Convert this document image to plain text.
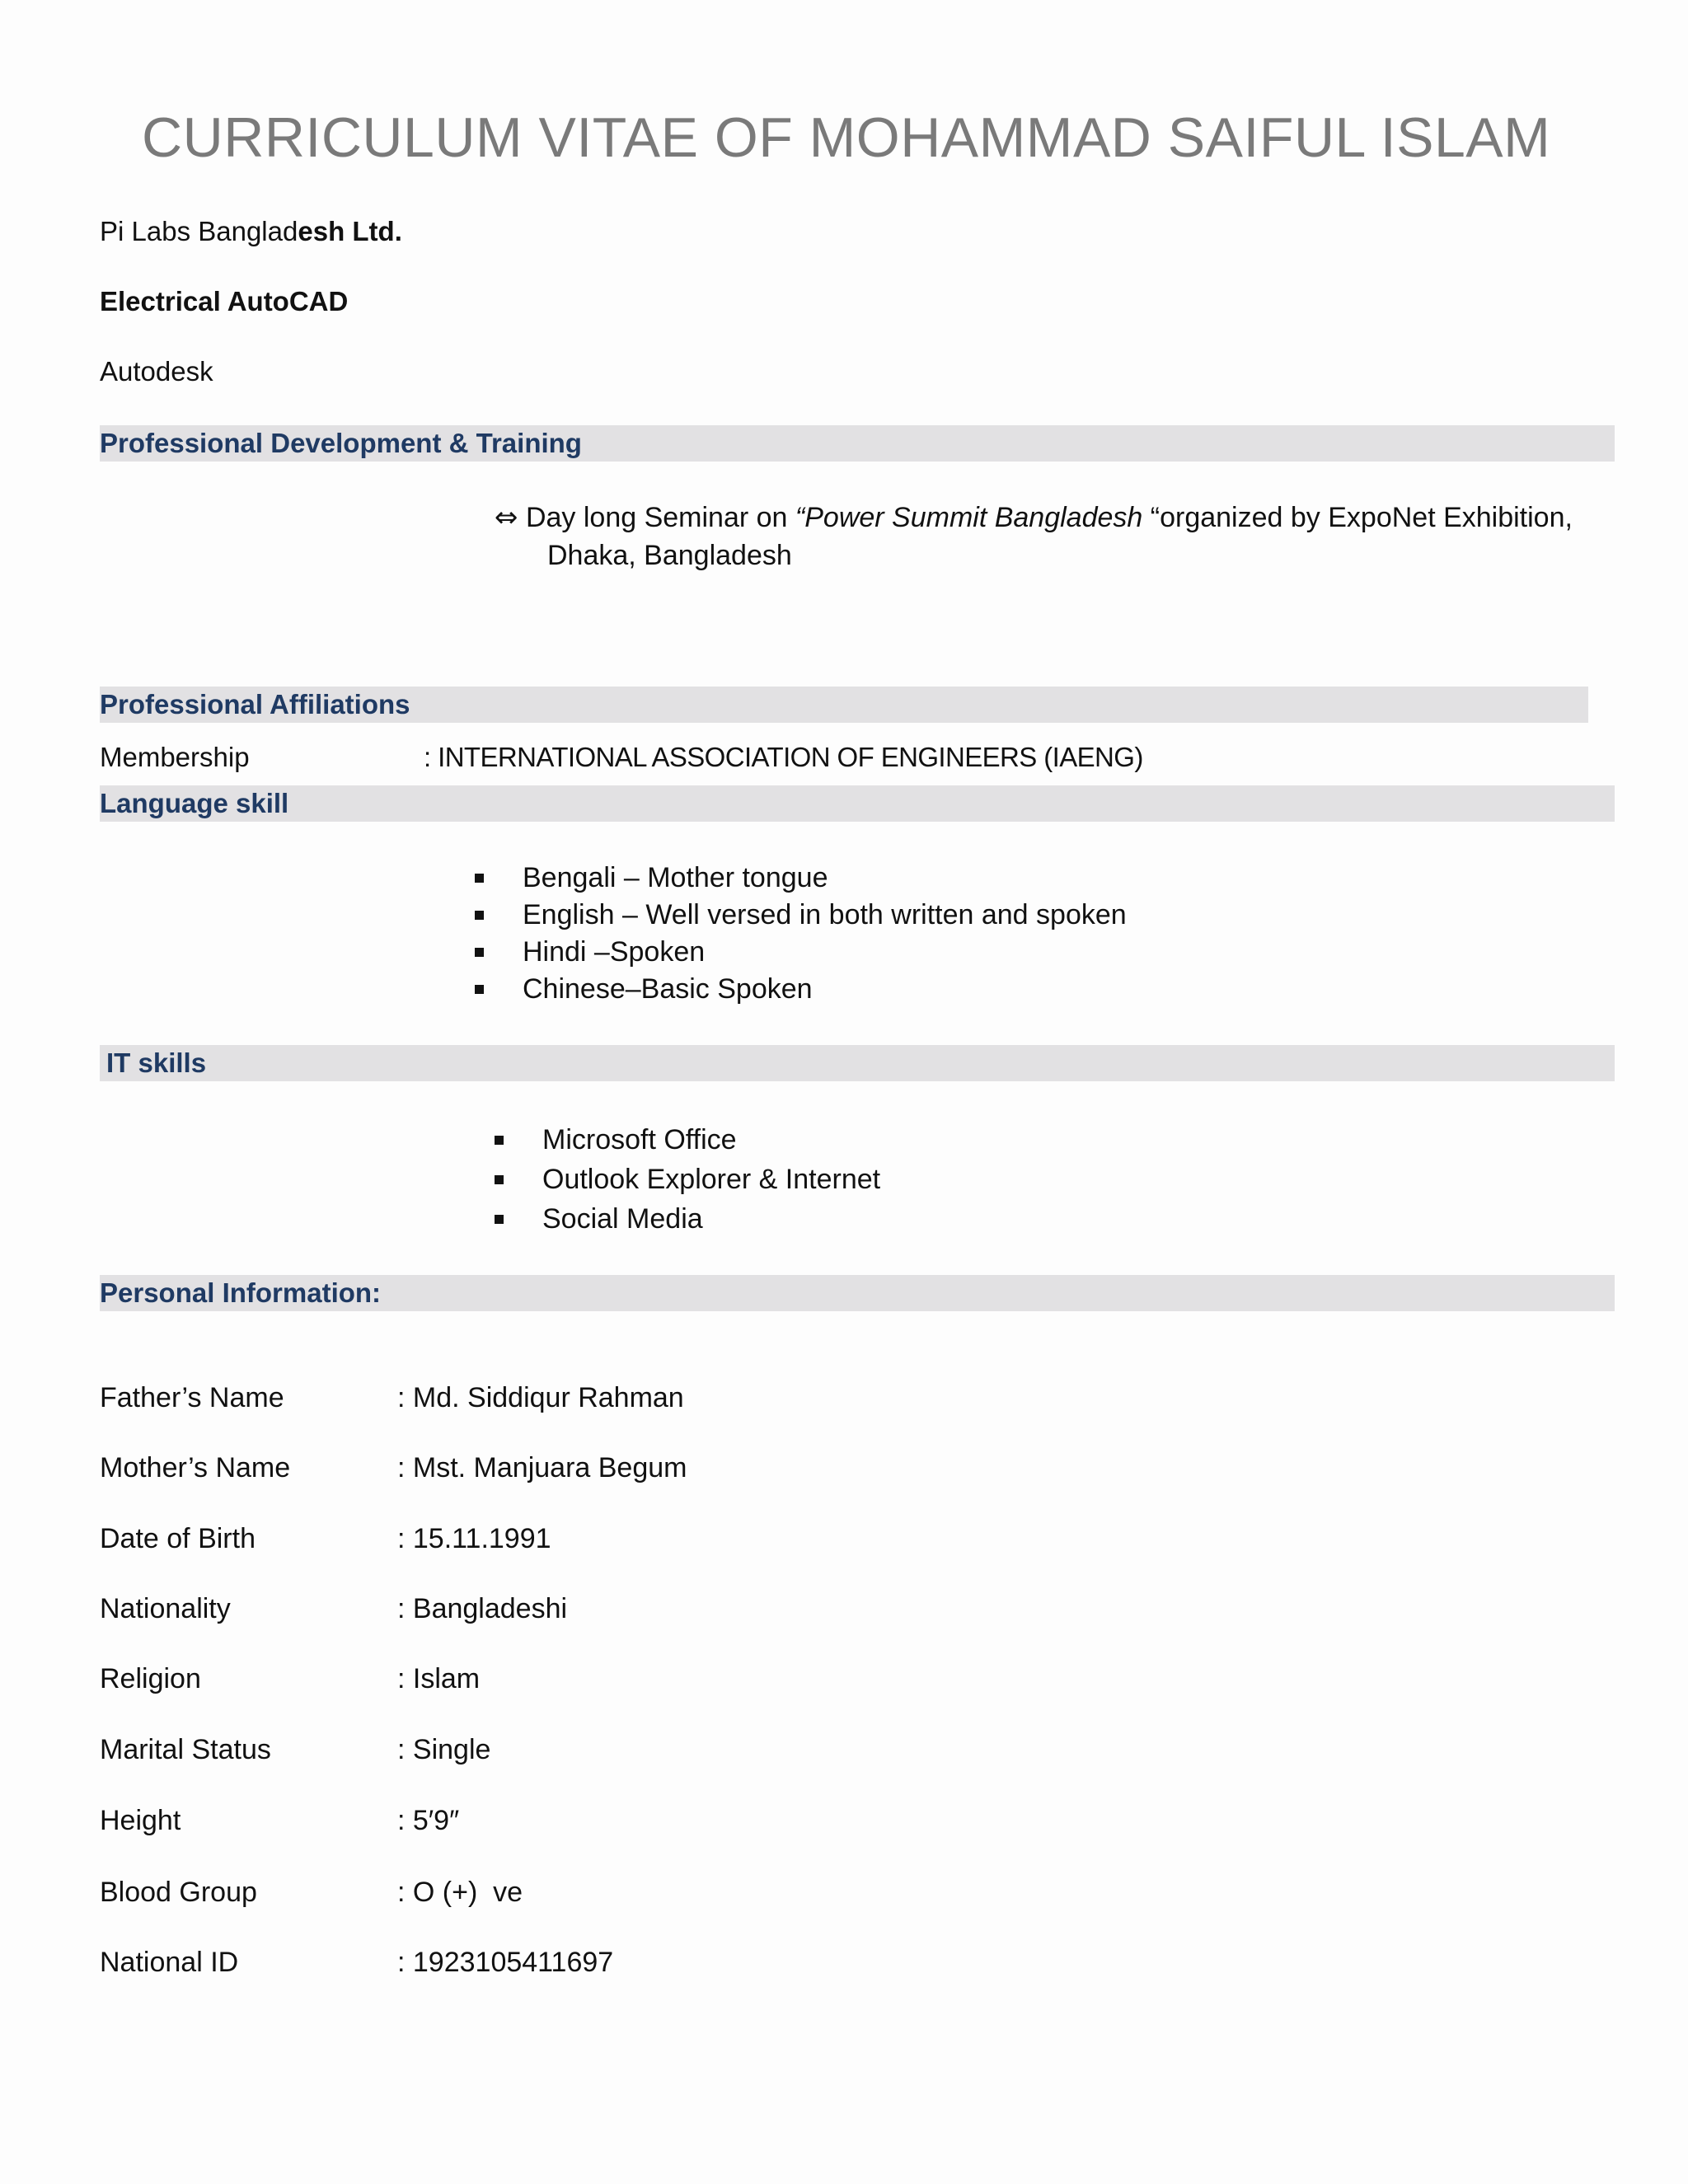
CURRICULUM VITAE OF MOHAMMAD SAIFUL ISLAM
Pi Labs Bangladesh Ltd.
Electrical AutoCAD
Autodesk
Professional Development & Training
⇔ Day long Seminar on “Power Summit Bangladesh “organized by ExpoNet Exhibition,
Dhaka, Bangladesh
Professional Affiliations
Membership	: INTERNATIONAL ASSOCIATION OF ENGINEERS (IAENG)
Language skill
Bengali – Mother tongue
English – Well versed in both written and spoken
Hindi –Spoken
Chinese–Basic Spoken
IT skills
Microsoft Office
Outlook Explorer & Internet
Social Media
Personal Information:
Father’s Name	: Md. Siddiqur Rahman
Mother’s Name	: Mst. Manjuara Begum
Date of Birth	: 15.11.1991
Nationality	: Bangladeshi
Religion	: Islam
Marital Status	: Single
Height	: 5′9″
Blood Group	: O (+)  ve
National ID	: 1923105411697
